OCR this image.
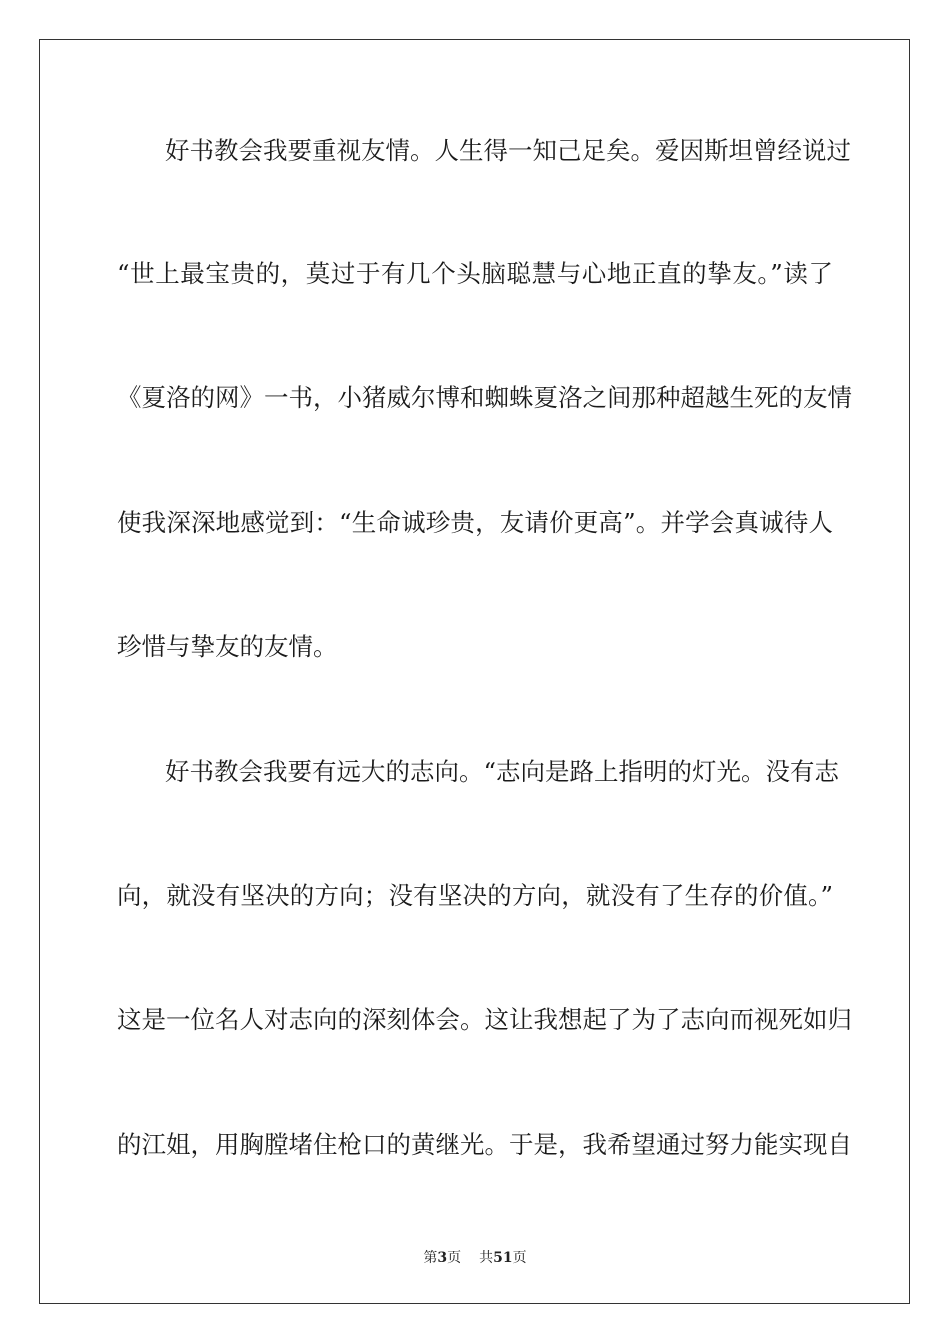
好书教会我要重视友情。人生得一知己足矣。爱因斯坦曾经说过
“世上最宝贵的，莫过于有几个头脑聪慧与心地正直的挚友。”读了
《夏洛的网》一书，小猪威尔博和蜘蛛夏洛之间那种超越生死的友情
使我深深地感觉到：“生命诚珍贵，友请价更高”。并学会真诚待人
珍惜与挚友的友情。
好书教会我要有远大的志向。“志向是路上指明的灯光。没有志
向，就没有坚决的方向；没有坚决的方向，就没有了生存的价值。”
这是一位名人对志向的深刻体会。这让我想起了为了志向而视死如归
的江姐，用胸膛堵住枪口的黄继光。于是，我希望通过努力能实现自
第3页 共51页
